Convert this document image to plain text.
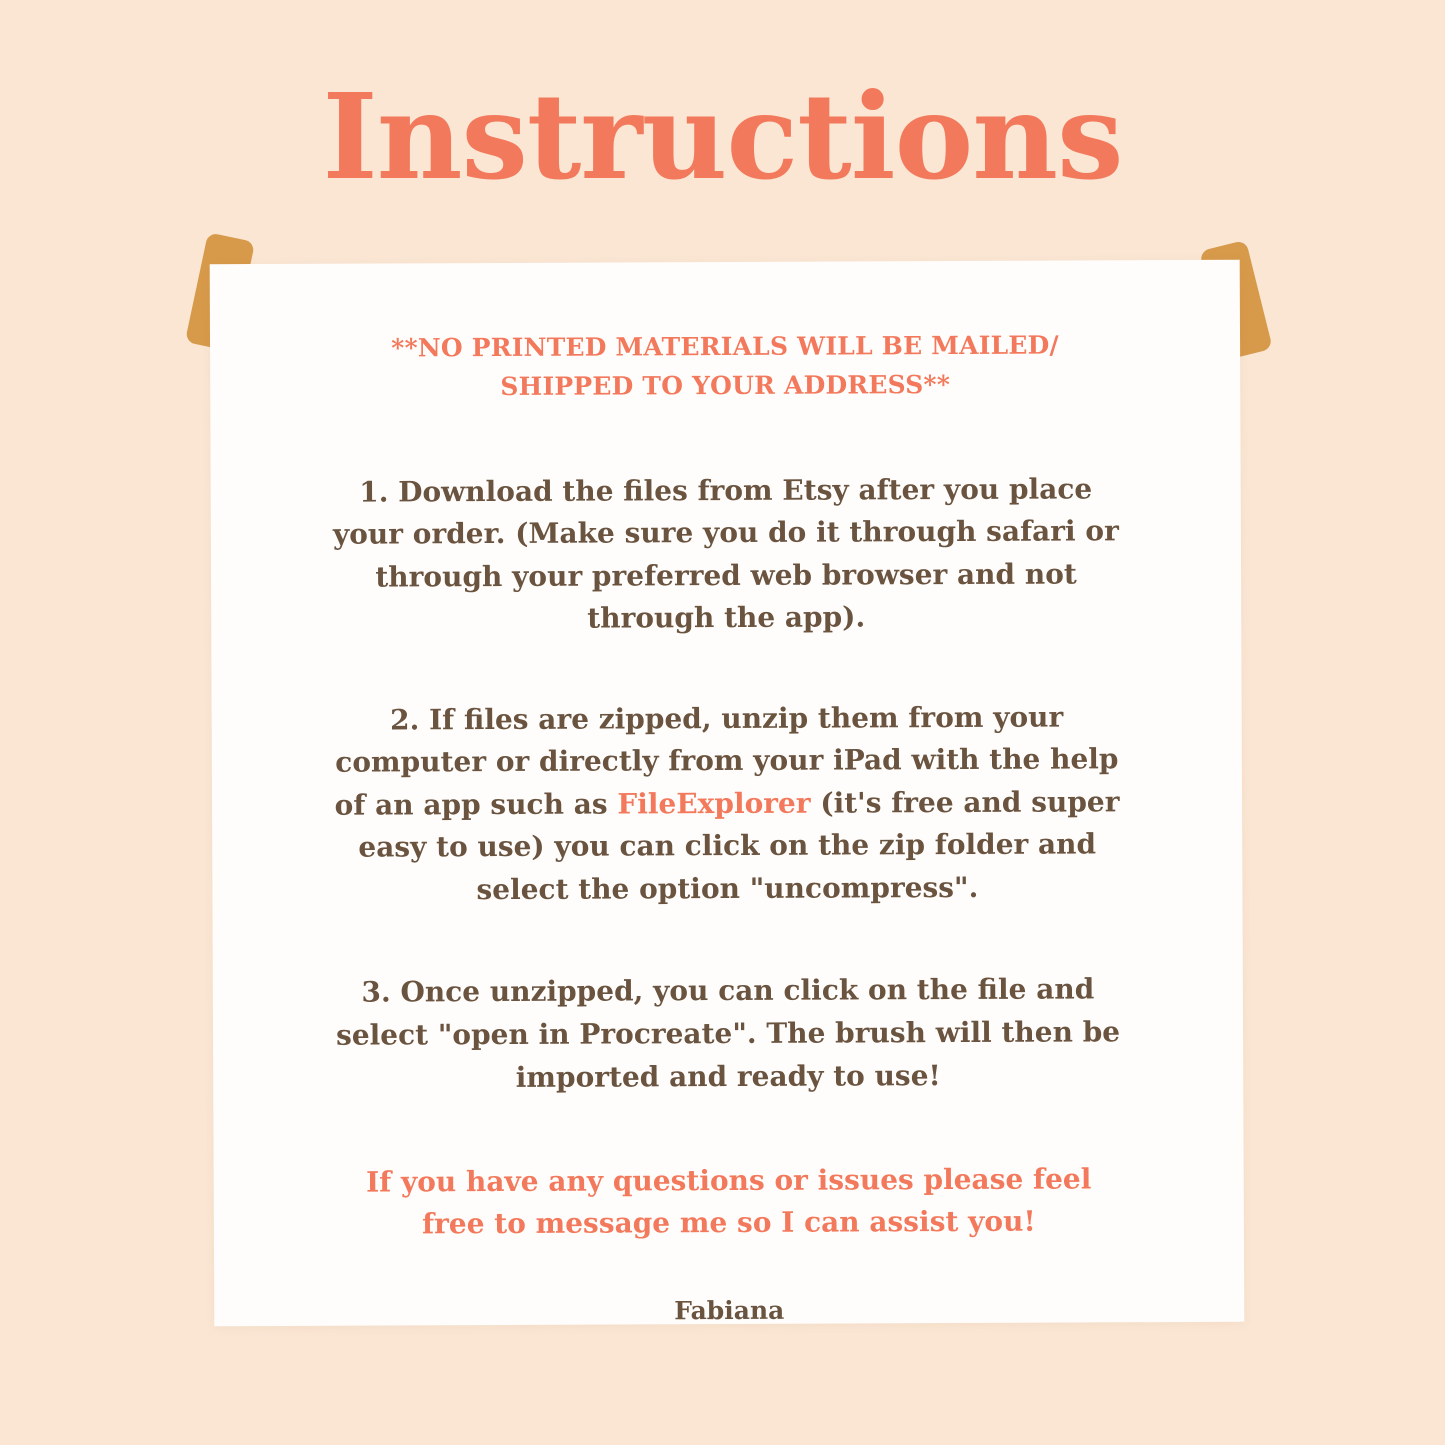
Instructions
**NO PRINTED MATERIALS WILL BE MAILED/ SHIPPED TO YOUR ADDRESS**
1. Download the files from Etsy after you place your order. (Make sure you do it through safari or through your preferred web browser and not through the app).
2. If files are zipped, unzip them from your computer or directly from your iPad with the help of an app such as FileExplorer (it's free and super easy to use) you can click on the zip folder and select the option "uncompress".
3. Once unzipped, you can click on the file and select "open in Procreate". The brush will then be imported and ready to use!
If you have any questions or issues please feel free to message me so I can assist you!
Fabiana
